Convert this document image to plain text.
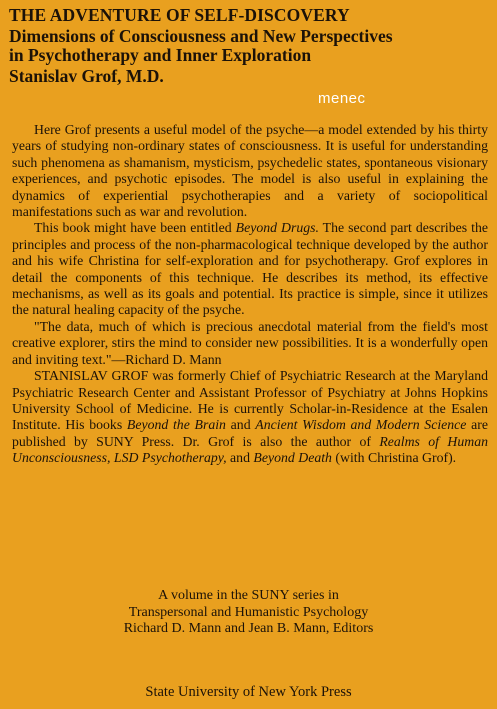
THE ADVENTURE OF SELF-DISCOVERY
Dimensions of Consciousness and New Perspectives
in Psychotherapy and Inner Exploration
Stanislav Grof, M.D.
menec

Here Grof presents a useful model of the psyche—a model extended by his thirty years of studying non-ordinary states of consciousness. It is useful for understanding such phenomena as shamanism, mysticism, psychedelic states, spontaneous visionary experiences, and psychotic episodes. The model is also useful in explaining the dynamics of experiential psychotherapies and a variety of sociopolitical manifestations such as war and revolution.

This book might have been entitled Beyond Drugs. The second part describes the principles and process of the non-pharmacological technique developed by the author and his wife Christina for self-exploration and for psychotherapy. Grof explores in detail the components of this technique. He describes its method, its effective mechanisms, as well as its goals and potential. Its practice is simple, since it utilizes the natural healing capacity of the psyche.

"The data, much of which is precious anecdotal material from the field's most creative explorer, stirs the mind to consider new possibilities. It is a wonderfully open and inviting text."—Richard D. Mann

STANISLAV GROF was formerly Chief of Psychiatric Research at the Maryland Psychiatric Research Center and Assistant Professor of Psychiatry at Johns Hopkins University School of Medicine. He is currently Scholar-in-Residence at the Esalen Institute. His books Beyond the Brain and Ancient Wisdom and Modern Science are published by SUNY Press. Dr. Grof is also the author of Realms of Human Unconsciousness, LSD Psychotherapy, and Beyond Death (with Christina Grof).

A volume in the SUNY series in
Transpersonal and Humanistic Psychology
Richard D. Mann and Jean B. Mann, Editors
State University of New York Press
